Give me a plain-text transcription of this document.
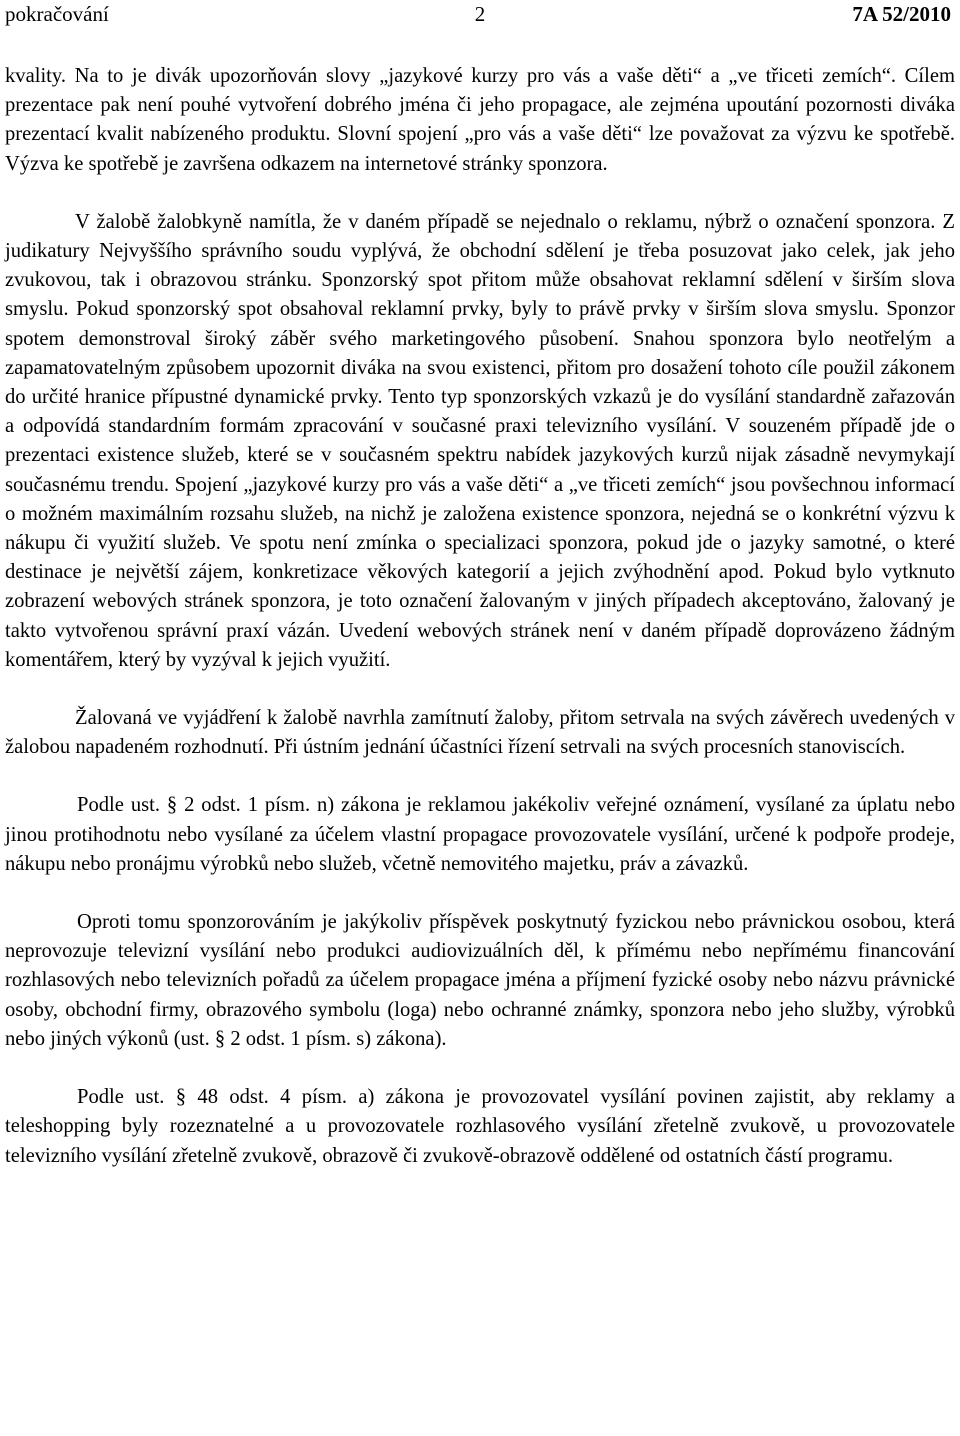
pokračování	2	7A 52/2010

kvality. Na to je divák upozorňován slovy „jazykové kurzy pro vás a vaše děti“ a „ve třiceti zemích“. Cílem prezentace pak není pouhé vytvoření dobrého jména či jeho propagace, ale zejména upoutání pozornosti diváka prezentací kvalit nabízeného produktu. Slovní spojení „pro vás a vaše děti“ lze považovat za výzvu ke spotřebě. Výzva ke spotřebě je završena odkazem na internetové stránky sponzora.

V žalobě žalobkyně namítla, že v daném případě se nejednalo o reklamu, nýbrž o označení sponzora. Z judikatury Nejvyššího správního soudu vyplývá, že obchodní sdělení je třeba posuzovat jako celek, jak jeho zvukovou, tak i obrazovou stránku. Sponzorský spot přitom může obsahovat reklamní sdělení v širším slova smyslu. Pokud sponzorský spot obsahoval reklamní prvky, byly to právě prvky v širším slova smyslu. Sponzor spotem demonstroval široký záběr svého marketingového působení. Snahou sponzora bylo neotřelým a zapamatovatelným způsobem upozornit diváka na svou existenci, přitom pro dosažení tohoto cíle použil zákonem do určité hranice přípustné dynamické prvky. Tento typ sponzorských vzkazů je do vysílání standardně zařazován a odpovídá standardním formám zpracování v současné praxi televizního vysílání. V souzeném případě jde o prezentaci existence služeb, které se v současném spektru nabídek jazykových kurzů nijak zásadně nevymykají současnému trendu. Spojení „jazykové kurzy pro vás a vaše děti“ a „ve třiceti zemích“ jsou povšechnou informací o možném maximálním rozsahu služeb, na nichž je založena existence sponzora, nejedná se o konkrétní výzvu k nákupu či využití služeb. Ve spotu není zmínka o specializaci sponzora, pokud jde o jazyky samotné, o které destinace je největší zájem, konkretizace věkových kategorií a jejich zvýhodnění apod. Pokud bylo vytknuto zobrazení webových stránek sponzora, je toto označení žalovaným v jiných případech akceptováno, žalovaný je takto vytvořenou správní praxí vázán. Uvedení webových stránek není v daném případě doprovázeno žádným komentářem, který by vyzýval k jejich využití.

Žalovaná ve vyjádření k žalobě navrhla zamítnutí žaloby, přitom setrvala na svých závěrech uvedených v žalobou napadeném rozhodnutí. Při ústním jednání účastníci řízení setrvali na svých procesních stanoviscích.

Podle ust. § 2 odst. 1 písm. n) zákona je reklamou jakékoliv veřejné oznámení, vysílané za úplatu nebo jinou protihodnotu nebo vysílané za účelem vlastní propagace provozovatele vysílání, určené k podpoře prodeje, nákupu nebo pronájmu výrobků nebo služeb, včetně nemovitého majetku, práv a závazků.

Oproti tomu sponzorováním je jakýkoliv příspěvek poskytnutý fyzickou nebo právnickou osobou, která neprovozuje televizní vysílání nebo produkci audiovizuálních děl, k přímému nebo nepřímému financování rozhlasových nebo televizních pořadů za účelem propagace jména a příjmení fyzické osoby nebo názvu právnické osoby, obchodní firmy, obrazového symbolu (loga) nebo ochranné známky, sponzora nebo jeho služby, výrobků nebo jiných výkonů (ust. § 2 odst. 1 písm. s) zákona).

Podle ust. § 48 odst. 4 písm. a) zákona je provozovatel vysílání povinen zajistit, aby reklamy a teleshopping byly rozeznatelné a u provozovatele rozhlasového vysílání zřetelně zvukově, u provozovatele televizního vysílání zřetelně zvukově, obrazově či zvukově-obrazově oddělené od ostatních částí programu.
